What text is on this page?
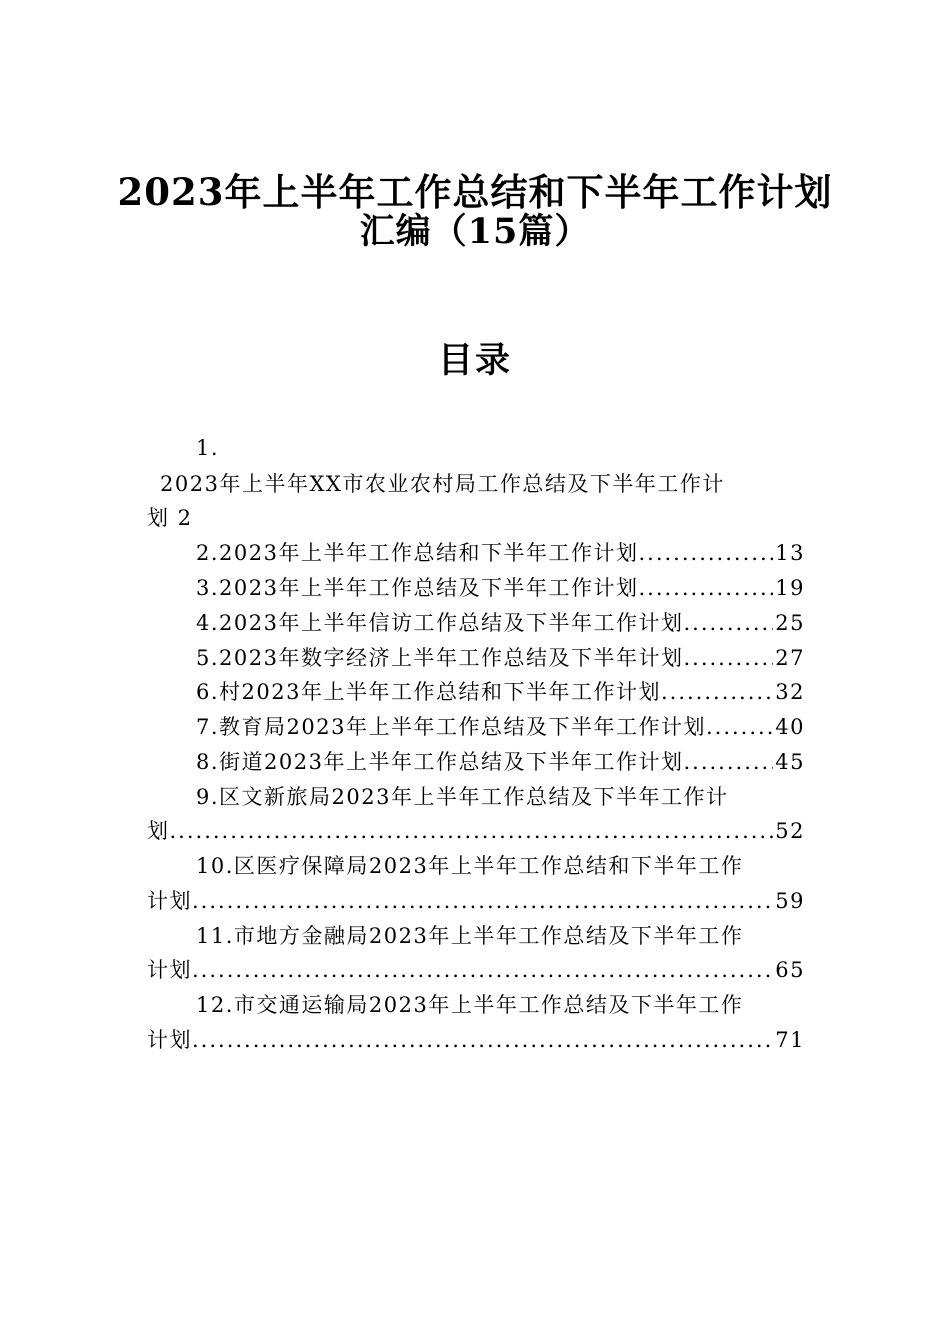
2023年上半年工作总结和下半年工作计划
汇编（15篇）
目录
1.
2023年上半年XX市农业农村局工作总结及下半年工作计
划 2
2.2023年上半年工作总结和下半年工作计划 .....	13
3.2023年上半年工作总结及下半年工作计划 .....	19
4.2023年上半年信访工作总结及下半年工作计划 .....	25
5.2023年数字经济上半年工作总结及下半年计划 .....	27
6.村2023年上半年工作总结和下半年工作计划 .....	32
7.教育局2023年上半年工作总结及下半年工作计划 .....	40
8.街道2023年上半年工作总结及下半年工作计划 .....	45
9.区文新旅局2023年上半年工作总结及下半年工作计
划 .....	52
10.区医疗保障局2023年上半年工作总结和下半年工作
计划 .....	59
11.市地方金融局2023年上半年工作总结及下半年工作
计划 .....	65
12.市交通运输局2023年上半年工作总结及下半年工作
计划 .....	71
